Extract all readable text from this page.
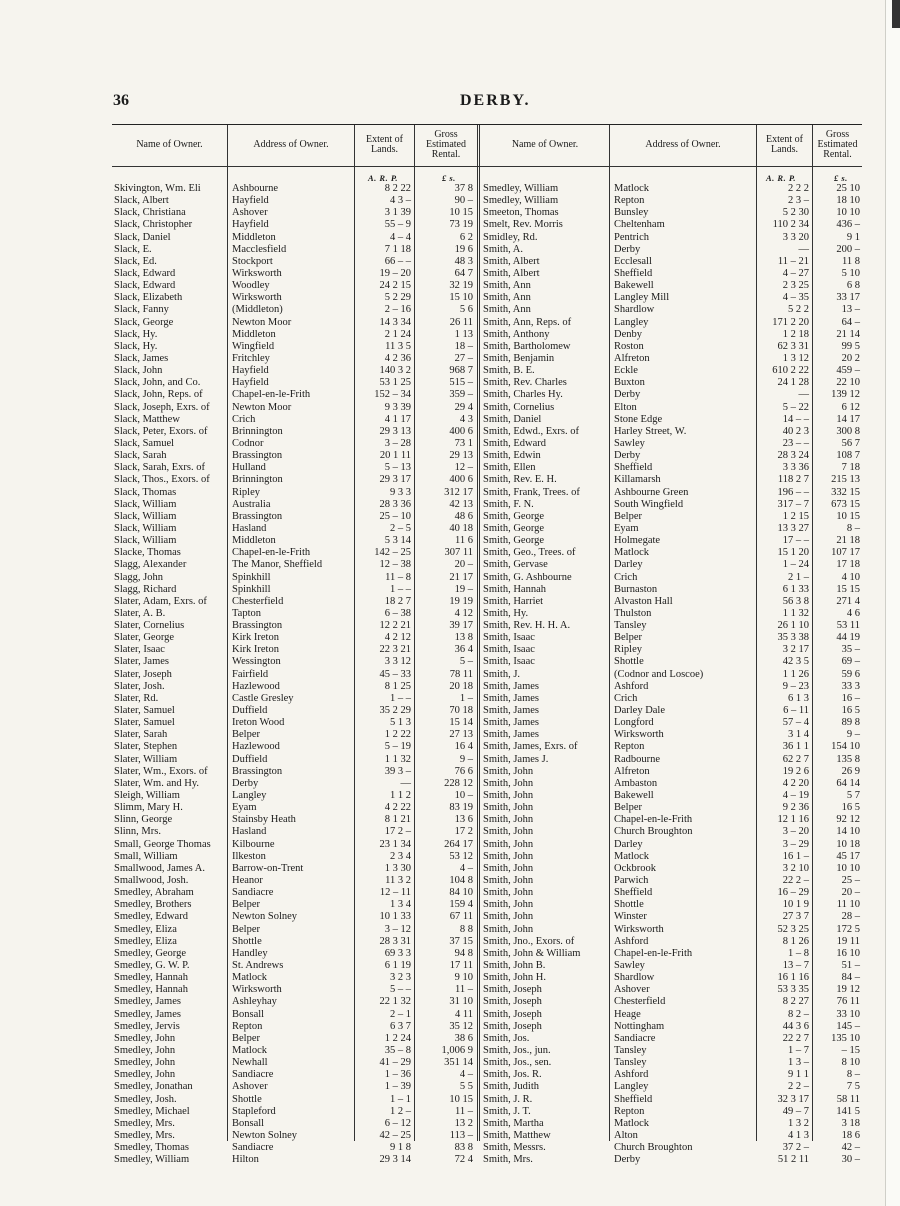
36	DERBY.
Name of Owner.	Address of Owner.	Extent of
Lands.
Gross
Estimated
Rental.
Name of Owner.	Address of Owner.	Extent of
Lands.
Gross
Estimated
Rental.
A. R. P.	£ s.	A. R. P.	£ s.
Skivington, Wm. Eli	Ashbourne	8 2 22	37 8 Smedley, William	Matlock	2 2 2	25 10
Slack, Albert	Hayfield	4 3 –	90 – Smedley, William	Repton	2 3 –	18 10
Slack, Christiana	Ashover	3 1 39	10 15 Smeeton, Thomas	Bunsley	5 2 30	10 10
Slack, Christopher	Hayfield	55 – 9	73 19 Smelt, Rev. Morris	Cheltenham	110 2 34	436 –
Slack, Daniel	Middleton	4 – 4	6 2 Smidley, Rd.	Pentrich	3 3 20	9 1
Slack, E.	Macclesfield	7 1 18	19 6 Smith, A.	Derby	—	200 –
Slack, Ed.	Stockport	66 – –	48 3 Smith, Albert	Ecclesall	11 – 21	11 8
Slack, Edward	Wirksworth	19 – 20	64 7 Smith, Albert	Sheffield	4 – 27	5 10
Slack, Edward	Woodley	24 2 15	32 19 Smith, Ann	Bakewell	2 3 25	6 8
Slack, Elizabeth	Wirksworth	5 2 29	15 10 Smith, Ann	Langley Mill	4 – 35	33 17
Slack, Fanny	(Middleton)	2 – 16	5 6 Smith, Ann	Shardlow	5 2 2	13 –
Slack, George	Newton Moor	14 3 34	26 11 Smith, Ann, Reps. of	Langley	171 2 20	64 –
Slack, Hy.	Middleton	2 1 24	1 13 Smith, Anthony	Denby	1 2 18	21 14
Slack, Hy.	Wingfield	11 3 5	18 – Smith, Bartholomew	Roston	62 3 31	99 5
Slack, James	Fritchley	4 2 36	27 – Smith, Benjamin	Alfreton	1 3 12	20 2
Slack, John	Hayfield	140 3 2	968 7 Smith, B. E.	Eckle	610 2 22	459 –
Slack, John, and Co.	Hayfield	53 1 25	515 – Smith, Rev. Charles	Buxton	24 1 28	22 10
Slack, John, Reps. of	Chapel-en-le-Frith	152 – 34	359 – Smith, Charles Hy.	Derby	—	139 12
Slack, Joseph, Exrs. of	Newton Moor	9 3 39	29 4 Smith, Cornelius	Elton	5 – 22	6 12
Slack, Matthew	Crich	4 1 17	4 3 Smith, Daniel	Stone Edge	14 – –	14 17
Slack, Peter, Exors. of	Brinnington	29 3 13	400 6 Smith, Edwd., Exrs. of	Harley Street, W.	40 2 3	300 8
Slack, Samuel	Codnor	3 – 28	73 1 Smith, Edward	Sawley	23 – –	56 7
Slack, Sarah	Brassington	20 1 11	29 13 Smith, Edwin	Derby	28 3 24	108 7
Slack, Sarah, Exrs. of	Hulland	5 – 13	12 – Smith, Ellen	Sheffield	3 3 36	7 18
Slack, Thos., Exors. of	Brinnington	29 3 17	400 6 Smith, Rev. E. H.	Killamarsh	118 2 7	215 13
Slack, Thomas	Ripley	9 3 3	312 17 Smith, Frank, Trees. of	Ashbourne Green	196 – –	332 15
Slack, William	Australia	28 3 36	42 13 Smith, F. N.	South Wingfield	317 – 7	673 15
Slack, William	Brassington	25 – 10	48 6 Smith, George	Belper	1 2 15	10 15
Slack, William	Hasland	2 – 5	40 18 Smith, George	Eyam	13 3 27	8 –
Slack, William	Middleton	5 3 14	11 6 Smith, George	Holmegate	17 – –	21 18
Slacke, Thomas	Chapel-en-le-Frith	142 – 25	307 11 Smith, Geo., Trees. of	Matlock	15 1 20	107 17
Slagg, Alexander	The Manor, Sheffield	12 – 38	20 – Smith, Gervase	Darley	1 – 24	17 18
Slagg, John	Spinkhill	11 – 8	21 17 Smith, G. Ashbourne	Crich	2 1 –	4 10
Slagg, Richard	Spinkhill	1 – –	19 – Smith, Hannah	Burnaston	6 1 33	15 15
Slater, Adam, Exrs. of	Chesterfield	18 2 7	19 19 Smith, Harriet	Alvaston Hall	56 3 8	271 4
Slater, A. B.	Tapton	6 – 38	4 12 Smith, Hy.	Thulston	1 1 32	4 6
Slater, Cornelius	Brassington	12 2 21	39 17 Smith, Rev. H. H. A.	Tansley	26 1 10	53 11
Slater, George	Kirk Ireton	4 2 12	13 8 Smith, Isaac	Belper	35 3 38	44 19
Slater, Isaac	Kirk Ireton	22 3 21	36 4 Smith, Isaac	Ripley	3 2 17	35 –
Slater, James	Wessington	3 3 12	5 – Smith, Isaac	Shottle	42 3 5	69 –
Slater, Joseph	Fairfield	45 – 33	78 11 Smith, J.	(Codnor and Loscoe)	1 1 26	59 6
Slater, Josh.	Hazlewood	8 1 25	20 18 Smith, James	Ashford	9 – 23	33 3
Slater, Rd.	Castle Gresley	1 – –	1 – Smith, James	Crich	6 1 3	16 –
Slater, Samuel	Duffield	35 2 29	70 18 Smith, James	Darley Dale	6 – 11	16 5
Slater, Samuel	Ireton Wood	5 1 3	15 14 Smith, James	Longford	57 – 4	89 8
Slater, Sarah	Belper	1 2 22	27 13 Smith, James	Wirksworth	3 1 4	9 –
Slater, Stephen	Hazlewood	5 – 19	16 4 Smith, James, Exrs. of	Repton	36 1 1	154 10
Slater, William	Duffield	1 1 32	9 – Smith, James J.	Radbourne	62 2 7	135 8
Slater, Wm., Exors. of	Brassington	39 3 –	76 6 Smith, John	Alfreton	19 2 6	26 9
Slater, Wm. and Hy.	Derby	—	228 12 Smith, John	Ambaston	4 2 20	64 14
Sleigh, William	Langley	1 1 2	10 – Smith, John	Bakewell	4 – 19	5 7
Slimm, Mary H.	Eyam	4 2 22	83 19 Smith, John	Belper	9 2 36	16 5
Slinn, George	Stainsby Heath	8 1 21	13 6 Smith, John	Chapel-en-le-Frith	12 1 16	92 12
Slinn, Mrs.	Hasland	17 2 –	17 2 Smith, John	Church Broughton	3 – 20	14 10
Small, George Thomas	Kilbourne	23 1 34	264 17 Smith, John	Darley	3 – 29	10 18
Small, William	Ilkeston	2 3 4	53 12 Smith, John	Matlock	16 1 –	45 17
Smallwood, James A.	Barrow-on-Trent	1 3 30	4 – Smith, John	Ockbrook	3 2 10	10 10
Smallwood, Josh.	Heanor	11 3 2	104 8 Smith, John	Parwich	22 2 –	25 –
Smedley, Abraham	Sandiacre	12 – 11	84 10 Smith, John	Sheffield	16 – 29	20 –
Smedley, Brothers	Belper	1 3 4	159 4 Smith, John	Shottle	10 1 9	11 10
Smedley, Edward	Newton Solney	10 1 33	67 11 Smith, John	Winster	27 3 7	28 –
Smedley, Eliza	Belper	3 – 12	8 8 Smith, John	Wirksworth	52 3 25	172 5
Smedley, Eliza	Shottle	28 3 31	37 15 Smith, Jno., Exors. of	Ashford	8 1 26	19 11
Smedley, George	Handley	69 3 3	94 8 Smith, John & William	Chapel-en-le-Frith	1 – 8	16 10
Smedley, G. W. P.	St. Andrews	6 1 19	17 11 Smith, John B.	Sawley	13 – 7	51 –
Smedley, Hannah	Matlock	3 2 3	9 10 Smith, John H.	Shardlow	16 1 16	84 –
Smedley, Hannah	Wirksworth	5 – –	11 – Smith, Joseph	Ashover	53 3 35	19 12
Smedley, James	Ashleyhay	22 1 32	31 10 Smith, Joseph	Chesterfield	8 2 27	76 11
Smedley, James	Bonsall	2 – 1	4 11 Smith, Joseph	Heage	8 2 –	33 10
Smedley, Jervis	Repton	6 3 7	35 12 Smith, Joseph	Nottingham	44 3 6	145 –
Smedley, John	Belper	1 2 24	38 6 Smith, Jos.	Sandiacre	22 2 7	135 10
Smedley, John	Matlock	35 – 8	1,006 9 Smith, Jos., jun.	Tansley	1 – 7	– 15
Smedley, John	Newhall	41 – 29	351 14 Smith, Jos., sen.	Tansley	1 3 –	8 10
Smedley, John	Sandiacre	1 – 36	4 – Smith, Jos. R.	Ashford	9 1 1	8 –
Smedley, Jonathan	Ashover	1 – 39	5 5 Smith, Judith	Langley	2 2 –	7 5
Smedley, Josh.	Shottle	1 – 1	10 15 Smith, J. R.	Sheffield	32 3 17	58 11
Smedley, Michael	Stapleford	1 2 –	11 – Smith, J. T.	Repton	49 – 7	141 5
Smedley, Mrs.	Bonsall	6 – 12	13 2 Smith, Martha	Matlock	1 3 2	3 18
Smedley, Mrs.	Newton Solney	42 – 25	113 – Smith, Matthew	Alton	4 1 3	18 6
Smedley, Thomas	Sandiacre	9 1 8	83 8 Smith, Messrs.	Church Broughton	37 2 –	42 –
Smedley, William	Hilton	29 3 14	72 4 Smith, Mrs.	Derby	51 2 11	30 –
